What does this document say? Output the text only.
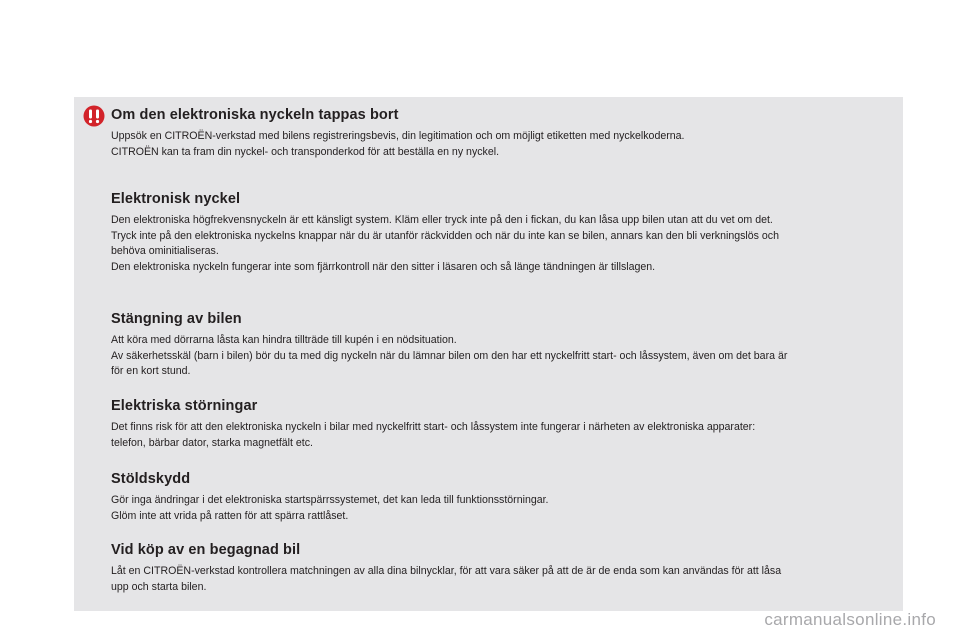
Om den elektroniska nyckeln tappas bort

Uppsök en CITROËN-verkstad med bilens registreringsbevis, din legitimation och om möjligt etiketten med nyckelkoderna.
CITROËN kan ta fram din nyckel- och transponderkod för att beställa en ny nyckel.

Elektronisk nyckel

Den elektroniska högfrekvensnyckeln är ett känsligt system. Kläm eller tryck inte på den i fickan, du kan låsa upp bilen utan att du vet om det.
Tryck inte på den elektroniska nyckelns knappar när du är utanför räckvidden och när du inte kan se bilen, annars kan den bli verkningslös och
behöva ominitialiseras.
Den elektroniska nyckeln fungerar inte som fjärrkontroll när den sitter i läsaren och så länge tändningen är tillslagen.

Stängning av bilen

Att köra med dörrarna låsta kan hindra tillträde till kupén i en nödsituation.
Av säkerhetsskäl (barn i bilen) bör du ta med dig nyckeln när du lämnar bilen om den har ett nyckelfritt start- och låssystem, även om det bara är
för en kort stund.

Elektriska störningar

Det finns risk för att den elektroniska nyckeln i bilar med nyckelfritt start- och låssystem inte fungerar i närheten av elektroniska apparater:
telefon, bärbar dator, starka magnetfält etc.

Stöldskydd

Gör inga ändringar i det elektroniska startspärrssystemet, det kan leda till funktionsstörningar.
Glöm inte att vrida på ratten för att spärra rattlåset.

Vid köp av en begagnad bil

Låt en CITROËN-verkstad kontrollera matchningen av alla dina bilnycklar, för att vara säker på att de är de enda som kan användas för att låsa
upp och starta bilen.

carmanualsonline.info
